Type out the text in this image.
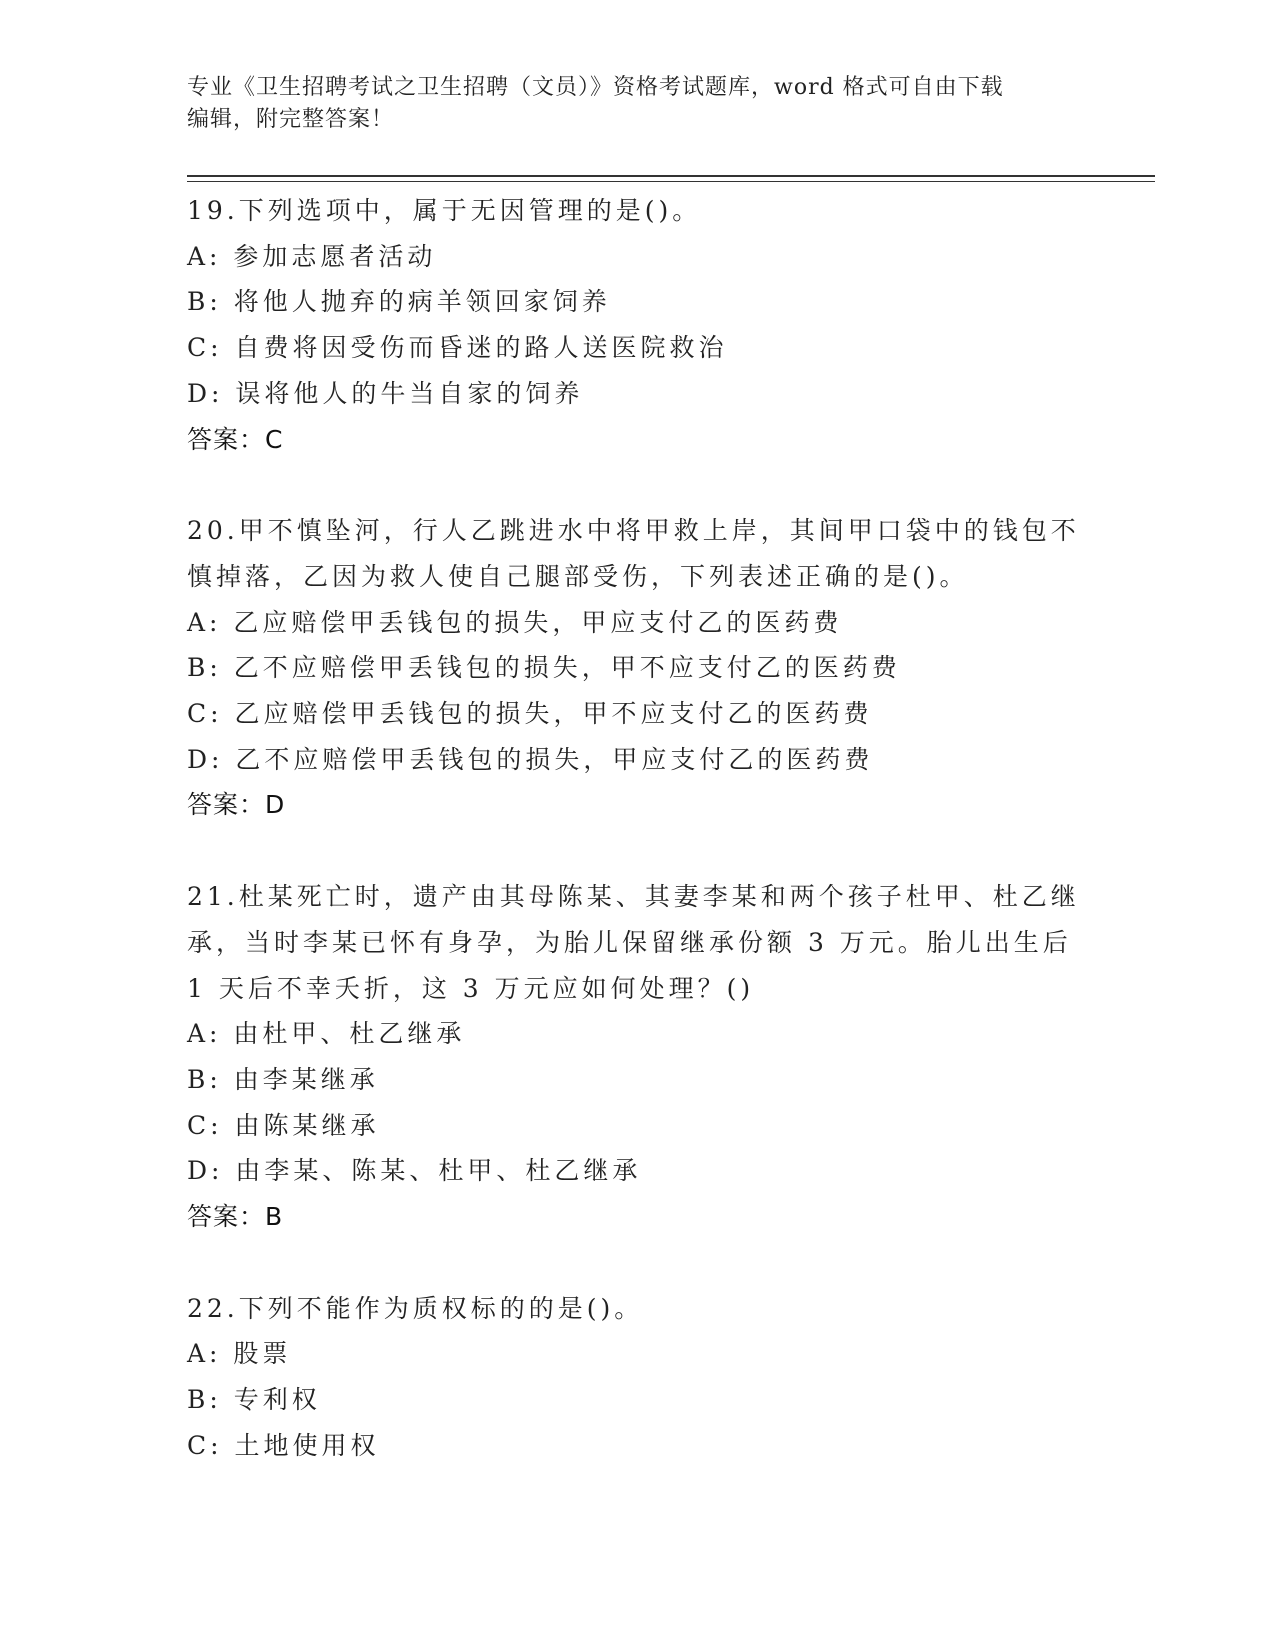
专业《卫生招聘考试之卫生招聘（文员）》资格考试题库，word 格式可自由下载
编辑，附完整答案！
19.下列选项中，属于无因管理的是()。
A: 参加志愿者活动
B: 将他人抛弃的病羊领回家饲养
C: 自费将因受伤而昏迷的路人送医院救治
D: 误将他人的牛当自家的饲养
答案：C
20.甲不慎坠河，行人乙跳进水中将甲救上岸，其间甲口袋中的钱包不
慎掉落，乙因为救人使自己腿部受伤，下列表述正确的是()。
A: 乙应赔偿甲丢钱包的损失，甲应支付乙的医药费
B: 乙不应赔偿甲丢钱包的损失，甲不应支付乙的医药费
C: 乙应赔偿甲丢钱包的损失，甲不应支付乙的医药费
D: 乙不应赔偿甲丢钱包的损失，甲应支付乙的医药费
答案：D
21.杜某死亡时，遗产由其母陈某、其妻李某和两个孩子杜甲、杜乙继
承，当时李某已怀有身孕，为胎儿保留继承份额 3 万元。胎儿出生后
1 天后不幸夭折，这 3 万元应如何处理？()
A: 由杜甲、杜乙继承
B: 由李某继承
C: 由陈某继承
D: 由李某、陈某、杜甲、杜乙继承
答案：B
22.下列不能作为质权标的的是()。
A: 股票
B: 专利权
C: 土地使用权
